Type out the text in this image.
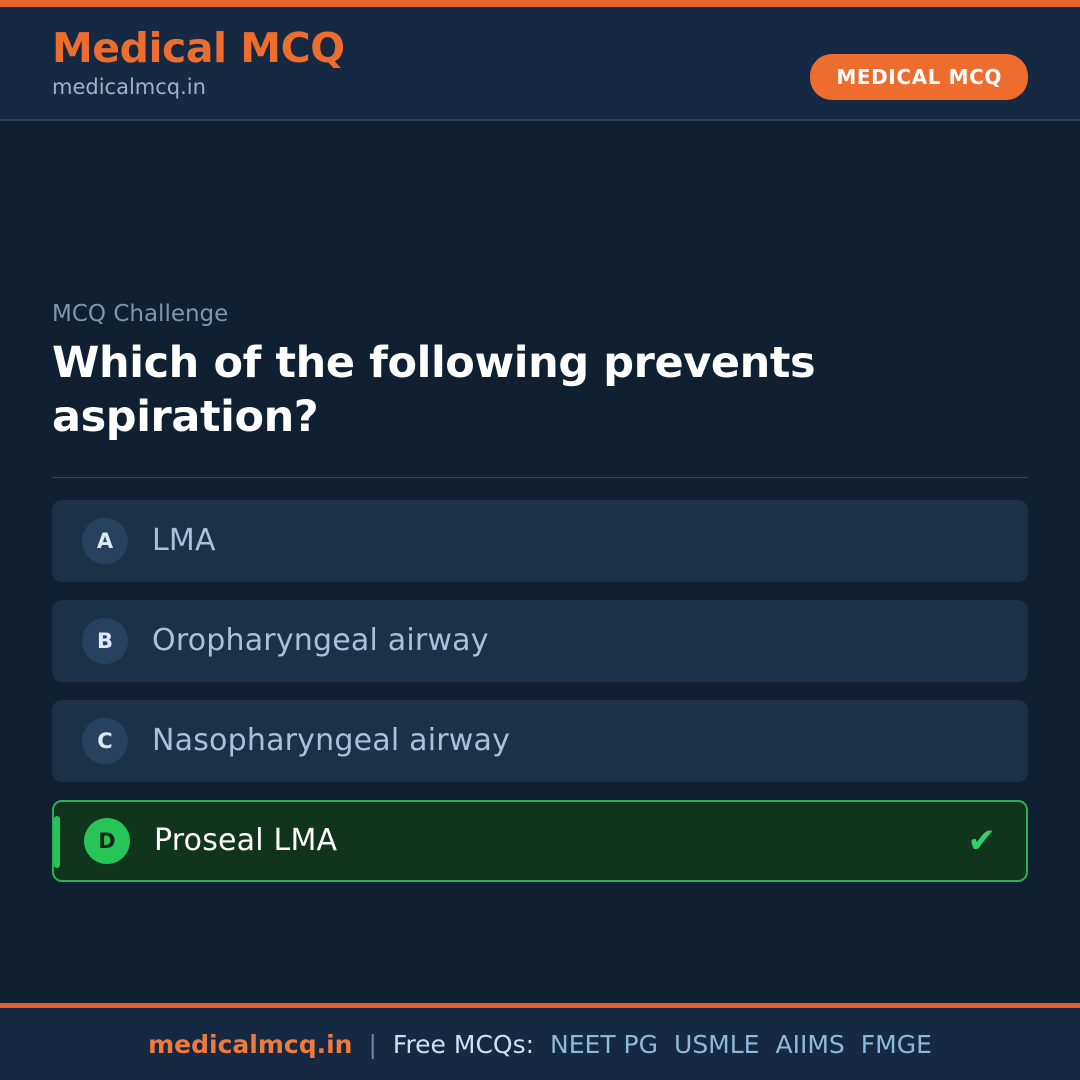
Medical MCQ
medicalmcq.in	MEDICAL MCQ
MCQ Challenge
Which of the following prevents aspiration?
A	LMA
B	Oropharyngeal airway
C	Nasopharyngeal airway
D	Proseal LMA	✔
medicalmcq.in | Free MCQs: NEET PG USMLE AIIMS FMGE
